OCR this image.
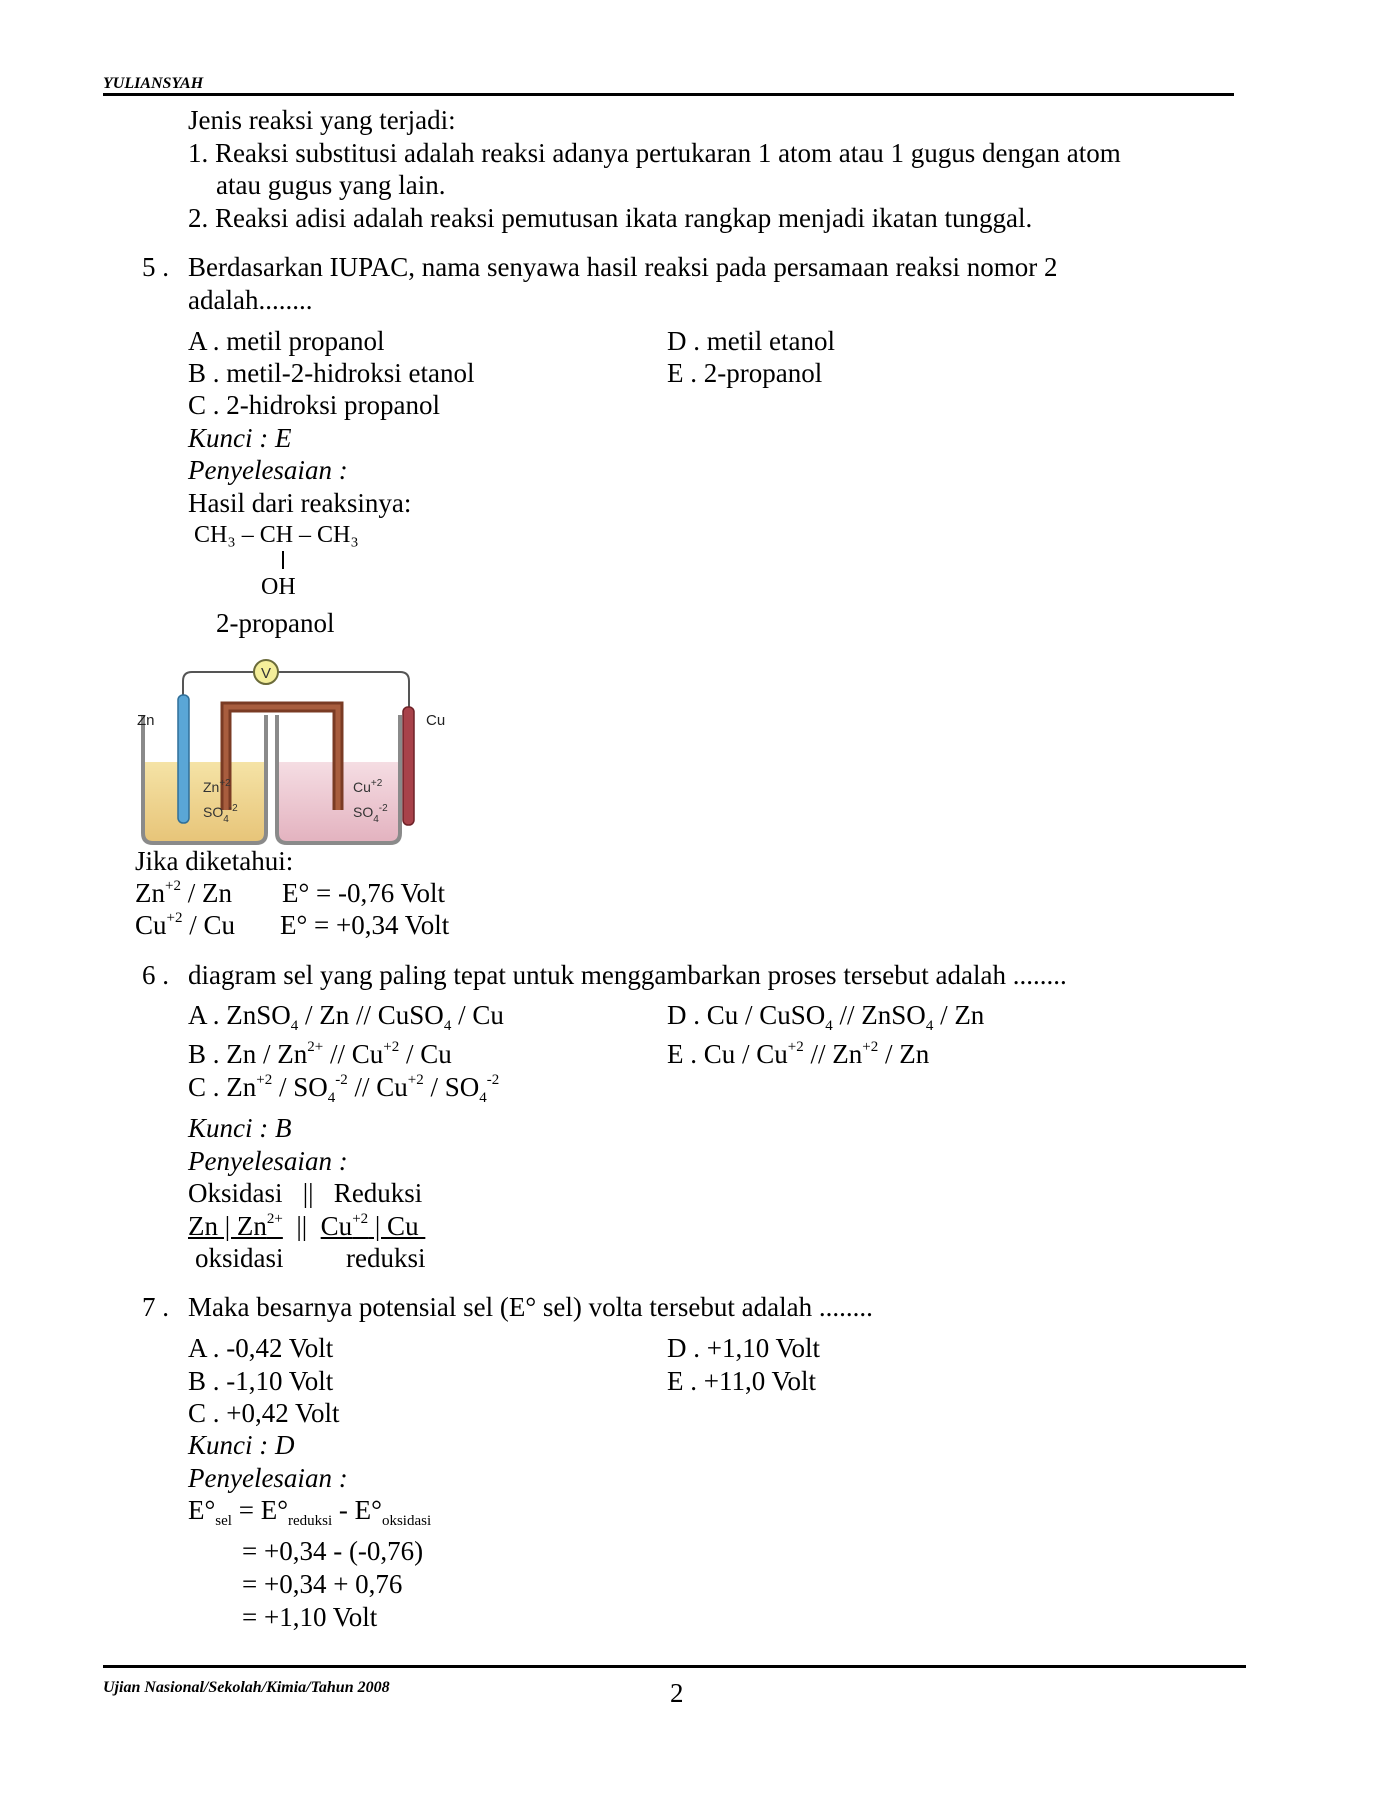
YULIANSYAH
Jenis reaksi yang terjadi:
1. Reaksi substitusi adalah reaksi adanya pertukaran 1 atom atau 1 gugus dengan atom
atau gugus yang lain.
2. Reaksi adisi adalah reaksi pemutusan ikata rangkap menjadi ikatan tunggal.
5 . Berdasarkan IUPAC, nama senyawa hasil reaksi pada persamaan reaksi nomor 2
adalah........
A . metil propanol
B . metil-2-hidroksi etanol
C . 2-hidroksi propanol
D . metil etanol
E . 2-propanol
Kunci : E
Penyelesaian :
Hasil dari reaksinya:
CH₃ – CH – CH₃
OH
2-propanol
V
Zn	Cu
$Zn^{+2}$
$SO_4^{-2}$
$Cu^{+2}$
$SO_4^{-2}$
Jika diketahui:
$Zn^{+2}$ / Zn E° = -0,76 Volt
$Cu^{+2}$ / Cu E° = +0,34 Volt
6 . diagram sel yang paling tepat untuk menggambarkan proses tersebut adalah ........
A . ZnSO$_4$ / Zn // CuSO$_4$ / Cu
B . Zn / $Zn^{2+} // Cu^{+2}$ / Cu
C . $Zn^{+2} / SO_4^{-2} // Cu^{+2} / SO_4^{-2}$
D . Cu / CuSO$_4$ // ZnSO$_4$ / Zn
E . Cu / $Cu^{+2} // Zn^{+2}$ / Zn
Kunci : B
Penyelesaian :
Oksidasi   ||   Reduksi
Zn | $Zn^{2+}$  ||  $Cu^{+2}$ | Cu
oksidasi reduksi
7 . Maka besarnya potensial sel (E° sel) volta tersebut adalah ........
A . -0,42 Volt
B . -1,10 Volt
C . +0,42 Volt
D . +1,10 Volt
E . +11,0 Volt
Kunci : D
Penyelesaian :
$E^\circ_{sel} = E^\circ_{reduksi} - E^\circ_{oksidasi}$
= +0,34 - (-0,76)
= +0,34 + 0,76
= +1,10 Volt
Ujian Nasional/Sekolah/Kimia/Tahun 2008	2
